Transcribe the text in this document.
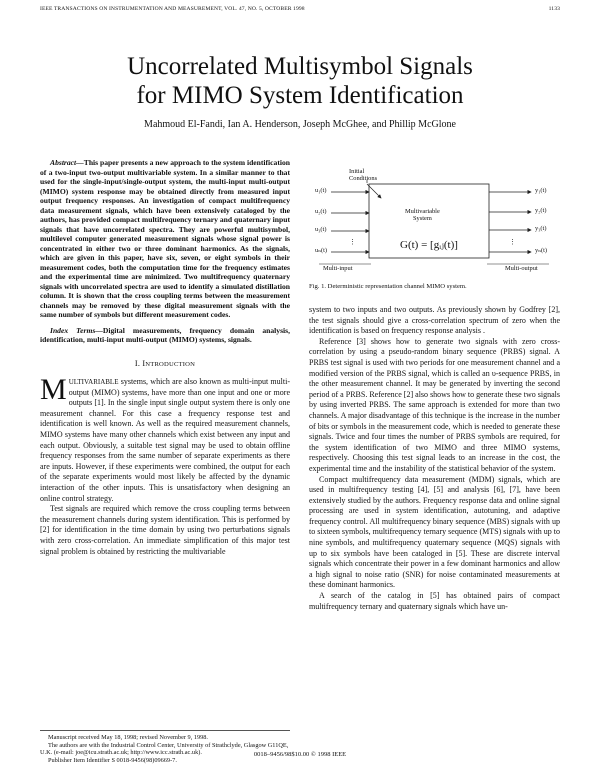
IEEE TRANSACTIONS ON INSTRUMENTATION AND MEASUREMENT, VOL. 47, NO. 5, OCTOBER 1998	1133
Uncorrelated Multisymbol Signals
for MIMO System Identification
Mahmoud El-Fandi, Ian A. Henderson, Joseph McGhee, and Phillip McGlone

Abstract—This paper presents a new approach to the system identification of a two-input two-output multivariable system. In a similar manner to that used for the single-input/single-output system, the multi-input multi-output (MIMO) system response may be obtained directly from measured input output frequency responses. An investigation of compact multifrequency data measurement signals, which have been extensively cataloged by the authors, has provided compact multifrequency ternary and quaternary input signals that have uncorrelated spectra. They are powerful multisymbol, multilevel computer generated measurement signals whose signal power is concentrated in either two or three dominant harmonics. As the signals, which are given in this paper, have six, seven, or eight symbols in their measurement codes, both the computation time for the frequency estimates and the experimental time are minimized. Two multifrequency quaternary signals with uncorrelated spectra are used to identify a simulated distillation column. It is shown that the cross coupling terms between the measurement channels may be removed by these digital measurement signals with the same number of symbols but different measurement codes.

Index Terms—Digital measurements, frequency domain analysis, identification, multi-input multi-output (MIMO) systems, signals.

I. INTRODUCTION

MULTIVARIABLE systems, which are also known as multi-input multi-output (MIMO) systems, have more than one input and one or more outputs [1]. In the single input single output system there is only one measurement channel. For this case a frequency response test and identification is well known. As well as the required measurement channels, MIMO systems have many other channels which exist between any input and each output. Obviously, a suitable test signal may be used to obtain offline frequency responses from the same number of separate experiments as there are inputs. However, if these experiments were combined, the output for each of the separate experiments would most likely be affected by the dynamic interaction of the other inputs. This is unsatisfactory when designing an online control strategy.

Test signals are required which remove the cross coupling terms between the measurement channels during system identification. This is performed by [2] for identification in the time domain by using two perturbations signals with zero cross-correlation. An immediate simplification of this major test signal problem is obtained by restricting the multivariable

⋮	⋮
Initial
Conditions
u₁(t)
u₂(t)
u₃(t)
uₙ(t)
y₁(t)
y₂(t)
y₃(t)
yₙ(t)
Multivariable
System
Multi-input	Multi-output
G(t) = [gᵢⱼ(t)]
Fig. 1. Deterministic representation channel MIMO system.

system to two inputs and two outputs. As previously shown by Godfrey [2], the test signals should give a cross-correlation spectrum of zero when the identification is based on frequency response analysis .

Reference [3] shows how to generate two signals with zero cross-correlation by using a pseudo-random binary sequence (PRBS) signal. A PRBS test signal is used with two periods for one measurement channel and a modified version of the PRBS signal, which is called an υ-sequence PRBS, in the other measurement channel. It may be generated by inverting the second period of a PRBS. Reference [2] also shows how to generate these two signals by using inverted PRBS. The same approach is extended for more than two channels. A major disadvantage of this technique is the increase in the number of bits or symbols in the measurement code, which is needed to generate these signals. Twice and four times the number of PRBS symbols are required, for the system identification of two MIMO and three MIMO systems, respectively. Choosing this test signal leads to an increase in the cost, the experimental time and the instability of the statistical behavior of the system.

Compact multifrequency data measurement (MDM) signals, which are used in multifrequency testing [4], [5] and analysis [6], [7], have been extensively studied by the authors. Frequency response data and online signal processing are used in system identification, autotuning, and adaptive frequency control. All multifrequency binary sequence (MBS) signals with up to sixteen symbols, multifrequency ternary sequence (MTS) signals with up to nine symbols, and multifrequency quaternary sequence (MQS) signals with up to six symbols have been cataloged in [5]. These are discrete interval signals which concentrate their power in a few dominant harmonics and allow a high signal to noise ratio (SNR) for noise contaminated measurements at these dominant harmonics.

A search of the catalog in [5] has obtained pairs of compact multifrequency ternary and quaternary signals which have un-

Manuscript received May 18, 1998; revised November 9, 1998.

The authors are with the Industrial Control Center, University of Strathclyde, Glasgow G11QE, U.K. (e-mail: joe@icu.strath.ac.uk; http://www.icc.strath.ac.uk).

Publisher Item Identifier S 0018-9456(98)09669-7.

0018–9456/98$10.00 © 1998 IEEE
